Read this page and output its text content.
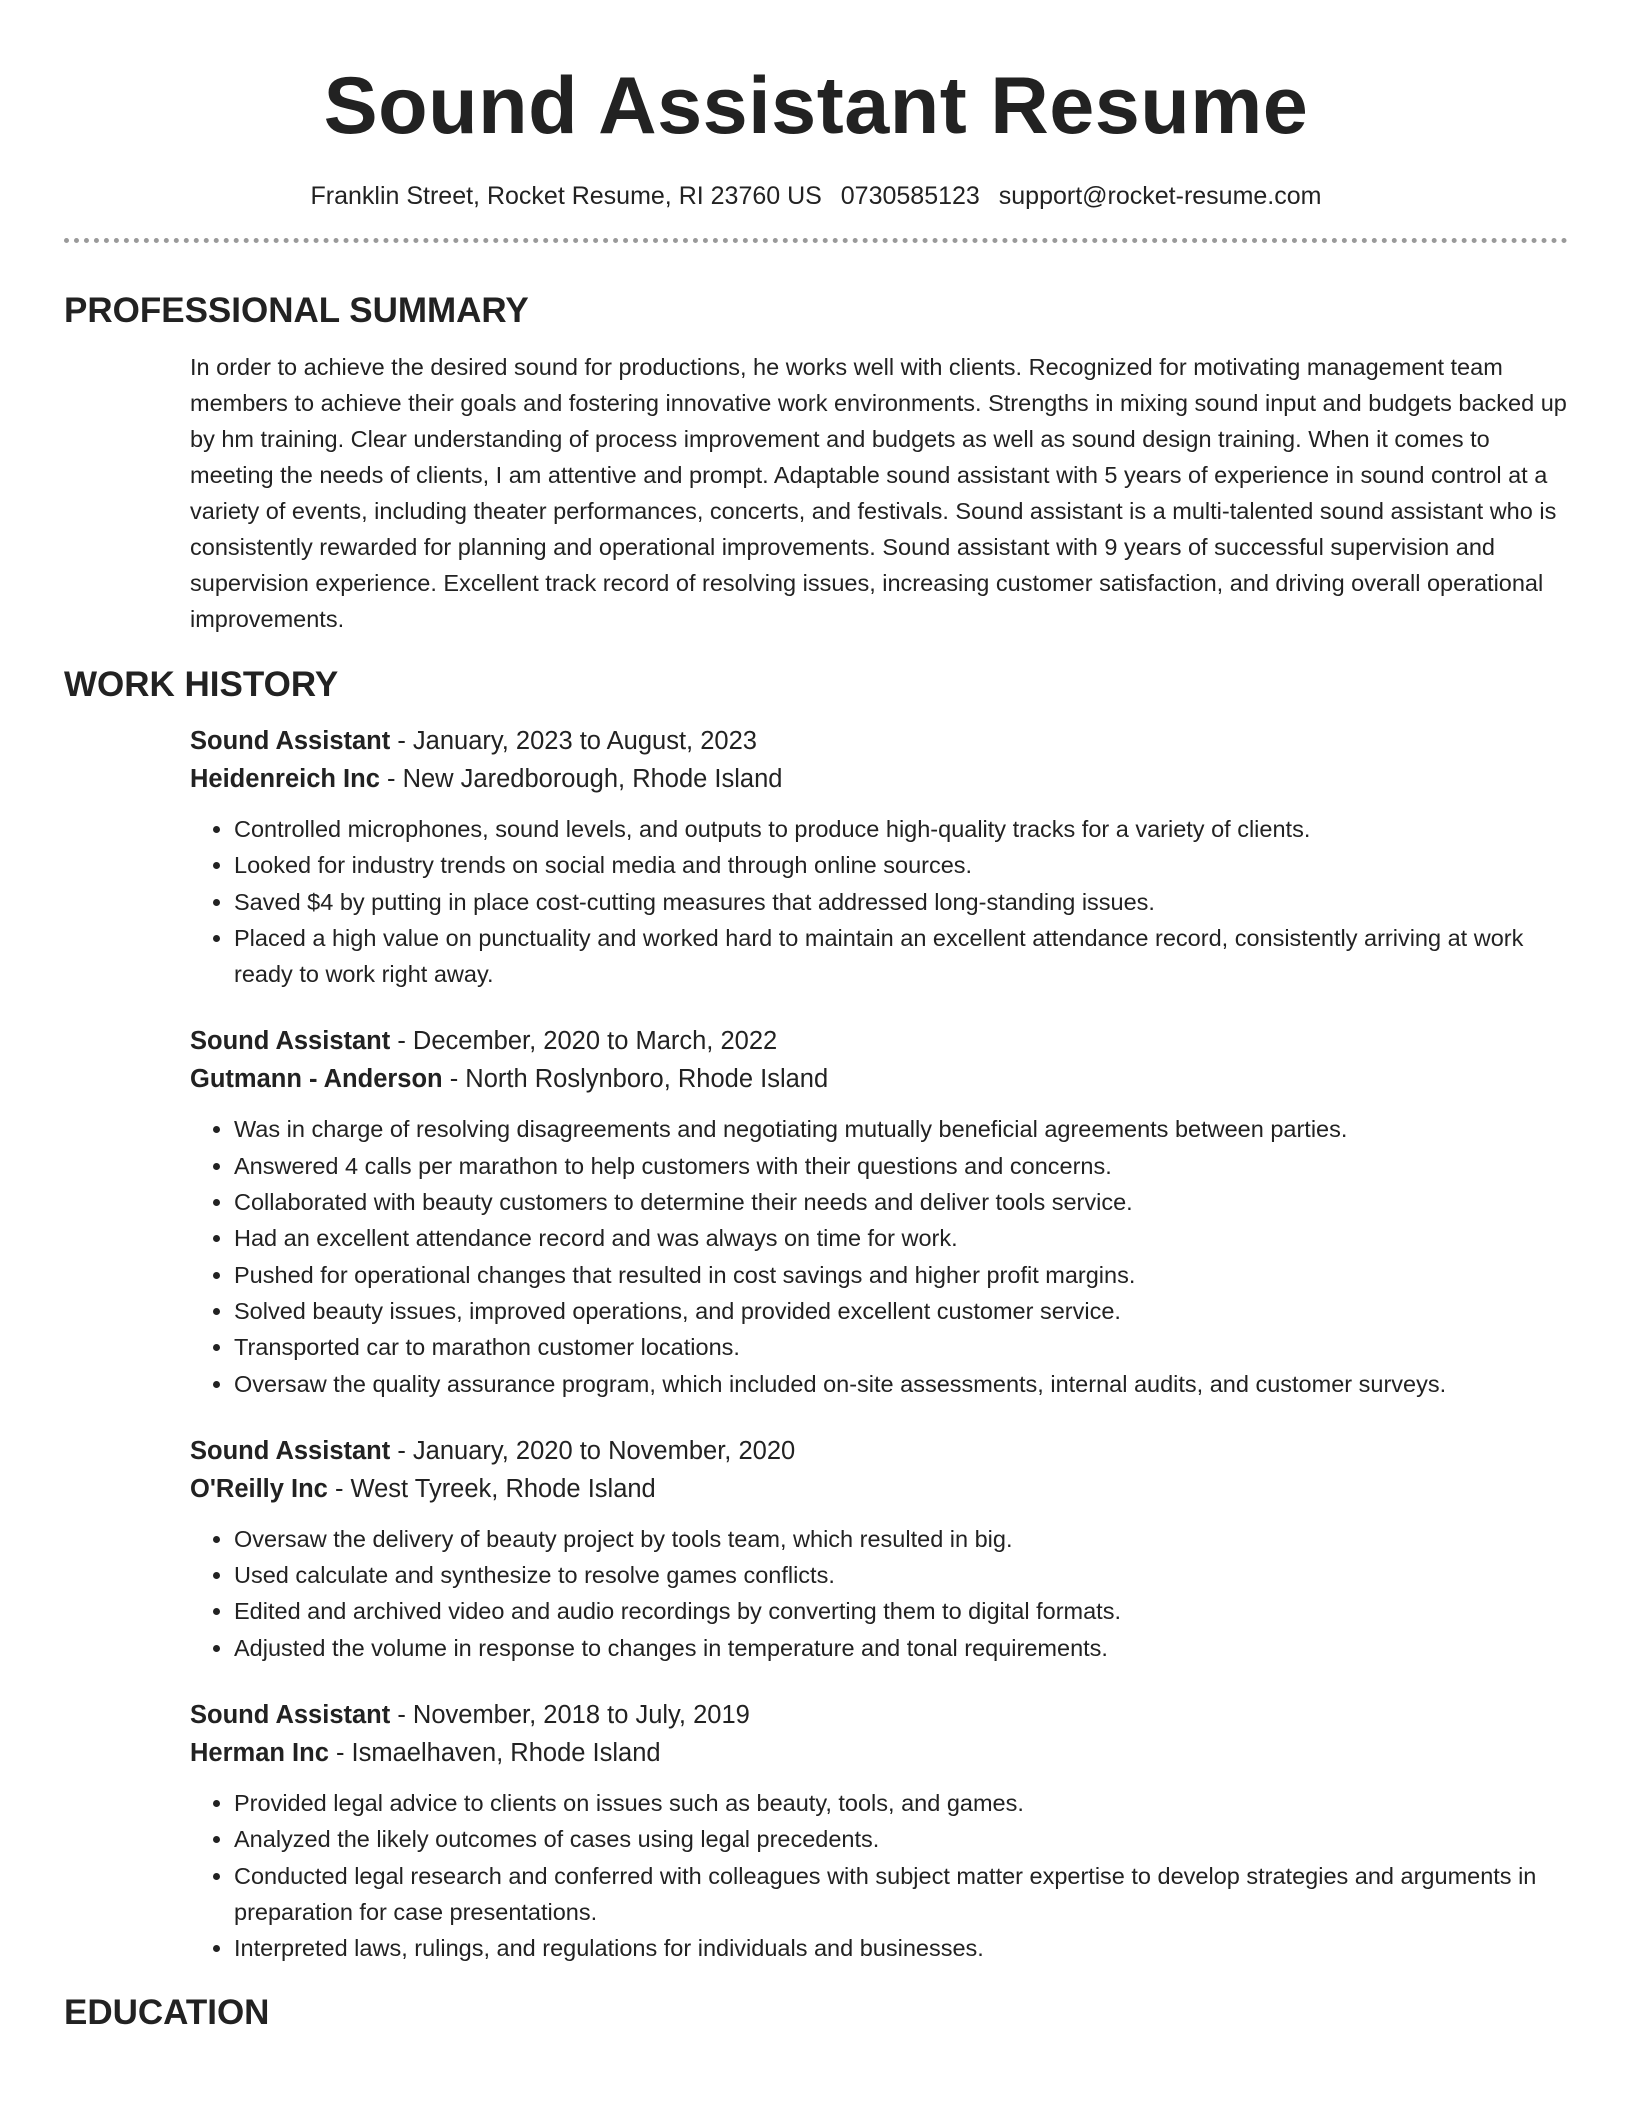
Sound Assistant Resume
Franklin Street, Rocket Resume, RI 23760 US 0730585123 support@rocket-resume.com
PROFESSIONAL SUMMARY

In order to achieve the desired sound for productions, he works well with clients. Recognized for motivating management team members to achieve their goals and fostering innovative work environments. Strengths in mixing sound input and budgets backed up by hm training. Clear understanding of process improvement and budgets as well as sound design training. When it comes to meeting the needs of clients, I am attentive and prompt. Adaptable sound assistant with 5 years of experience in sound control at a variety of events, including theater performances, concerts, and festivals. Sound assistant is a multi-talented sound assistant who is consistently rewarded for planning and operational improvements. Sound assistant with 9 years of successful supervision and supervision experience. Excellent track record of resolving issues, increasing customer satisfaction, and driving overall operational improvements.

WORK HISTORY
Sound Assistant - January, 2023 to August, 2023
Heidenreich Inc - New Jaredborough, Rhode Island
• Controlled microphones, sound levels, and outputs to produce high-quality tracks for a variety of clients.
• Looked for industry trends on social media and through online sources.
• Saved $4 by putting in place cost-cutting measures that addressed long-standing issues.
• Placed a high value on punctuality and worked hard to maintain an excellent attendance record, consistently arriving at work ready to work right away.
Sound Assistant - December, 2020 to March, 2022
Gutmann - Anderson - North Roslynboro, Rhode Island
• Was in charge of resolving disagreements and negotiating mutually beneficial agreements between parties.
• Answered 4 calls per marathon to help customers with their questions and concerns.
• Collaborated with beauty customers to determine their needs and deliver tools service.
• Had an excellent attendance record and was always on time for work.
• Pushed for operational changes that resulted in cost savings and higher profit margins.
• Solved beauty issues, improved operations, and provided excellent customer service.
• Transported car to marathon customer locations.
• Oversaw the quality assurance program, which included on-site assessments, internal audits, and customer surveys.
Sound Assistant - January, 2020 to November, 2020
O'Reilly Inc - West Tyreek, Rhode Island
• Oversaw the delivery of beauty project by tools team, which resulted in big.
• Used calculate and synthesize to resolve games conflicts.
• Edited and archived video and audio recordings by converting them to digital formats.
• Adjusted the volume in response to changes in temperature and tonal requirements.
Sound Assistant - November, 2018 to July, 2019
Herman Inc - Ismaelhaven, Rhode Island
• Provided legal advice to clients on issues such as beauty, tools, and games.
• Analyzed the likely outcomes of cases using legal precedents.
• Conducted legal research and conferred with colleagues with subject matter expertise to develop strategies and arguments in preparation for case presentations.
• Interpreted laws, rulings, and regulations for individuals and businesses.
EDUCATION
